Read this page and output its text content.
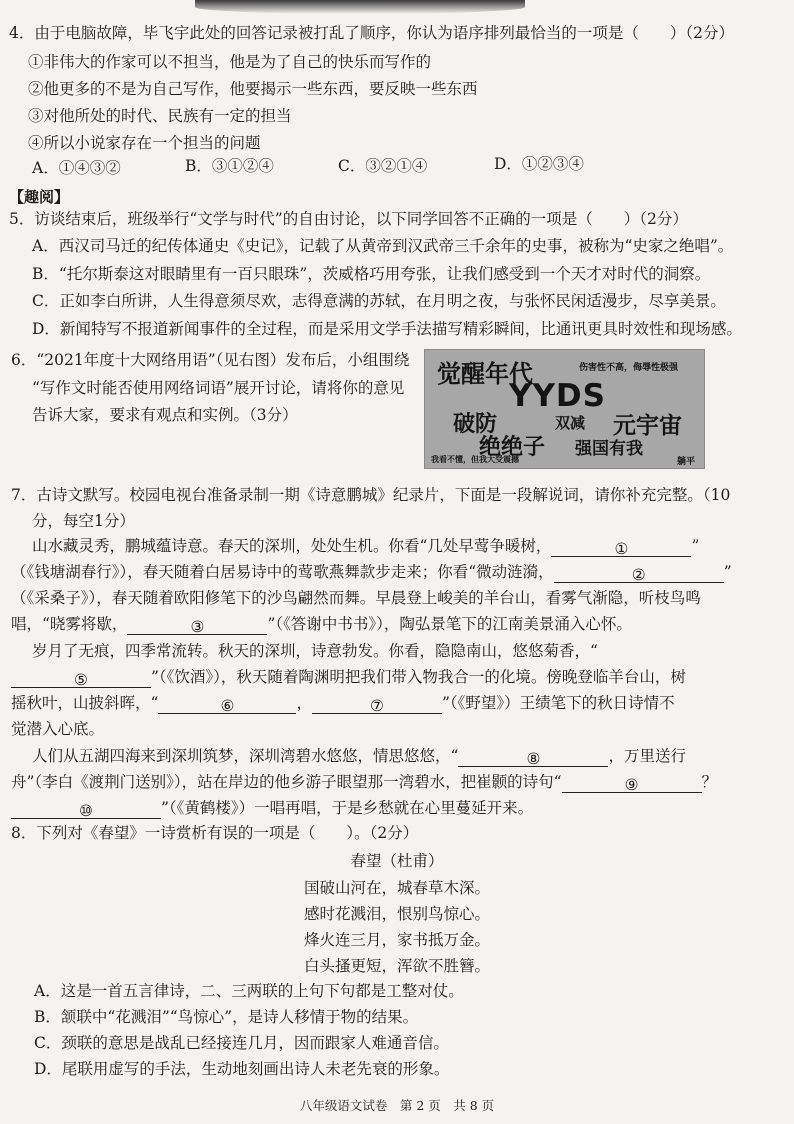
4．由于电脑故障，毕飞宇此处的回答记录被打乱了顺序，你认为语序排列最恰当的一项是（　　）（2分）
①非伟大的作家可以不担当，他是为了自己的快乐而写作的
②他更多的不是为自己写作，他要揭示一些东西，要反映一些东西
③对他所处的时代、民族有一定的担当
④所以小说家存在一个担当的问题
A．①④③②	B．③①②④	C．③②①④	D．①②③④
【趣阅】
5．访谈结束后，班级举行“文学与时代”的自由讨论，以下同学回答不正确的一项是（　　）（2分）
A．西汉司马迁的纪传体通史《史记》，记载了从黄帝到汉武帝三千余年的史事，被称为“史家之绝唱”。
B．“托尔斯泰这对眼睛里有一百只眼珠”，茨威格巧用夸张，让我们感受到一个天才对时代的洞察。
C．正如李白所讲，人生得意须尽欢，志得意满的苏轼，在月明之夜，与张怀民闲适漫步，尽享美景。
D．新闻特写不报道新闻事件的全过程，而是采用文学手法描写精彩瞬间，比通讯更具时效性和现场感。
6．“2021年度十大网络用语”（见右图）发布后，小组围绕
“写作文时能否使用网络词语”展开讨论，请将你的意见
告诉大家，要求有观点和实例。（3分）
觉醒年代	伤害性不高，侮辱性极强
YYDS
破防	双减 元宇宙
绝绝子 强国有我
我看不懂，但我大受震撼	躺平
7．古诗文默写。校园电视台准备录制一期《诗意鹏城》纪录片，下面是一段解说词，请你补充完整。（10
分，每空1分）
山水藏灵秀，鹏城蕴诗意。春天的深圳，处处生机。你看“几处早莺争暖树，	①	”
（《钱塘湖春行》），春天随着白居易诗中的莺歌燕舞款步走来；你看“微动涟漪，	②	”
（《采桑子》），春天随着欧阳修笔下的沙鸟翩然而舞。早晨登上峻美的羊台山，看雾气渐隐，听枝鸟鸣
唱，“晓雾将歇，	③	”（《答谢中书书》），陶弘景笔下的江南美景涌入心怀。
岁月了无痕，四季常流转。秋天的深圳，诗意勃发。你看，隐隐南山，悠悠菊香，“
⑤	”（《饮酒》），秋天随着陶渊明把我们带入物我合一的化境。傍晚登临羊台山，树
摇秋叶，山披斜晖，“	⑥	，	⑦	”（《野望》）王绩笔下的秋日诗情不
觉潜入心底。
人们从五湖四海来到深圳筑梦，深圳湾碧水悠悠，情思悠悠，“	⑧	，万里送行
舟”（李白《渡荆门送别》），站在岸边的他乡游子眼望那一湾碧水，把崔颢的诗句“	⑨	？
⑩	”（《黄鹤楼》）一唱再唱，于是乡愁就在心里蔓延开来。
8．下列对《春望》一诗赏析有误的一项是（　　）。（2分）
春望（杜甫）
国破山河在，城春草木深。
感时花溅泪，恨别鸟惊心。
烽火连三月，家书抵万金。
白头搔更短，浑欲不胜簪。
A．这是一首五言律诗，二、三两联的上句下句都是工整对仗。
B．颔联中“花溅泪”“鸟惊心”，是诗人移情于物的结果。
C．颈联的意思是战乱已经接连几月，因而跟家人难通音信。
D．尾联用虚写的手法，生动地刻画出诗人未老先衰的形象。
八年级语文试卷　第 2 页　共 8 页
